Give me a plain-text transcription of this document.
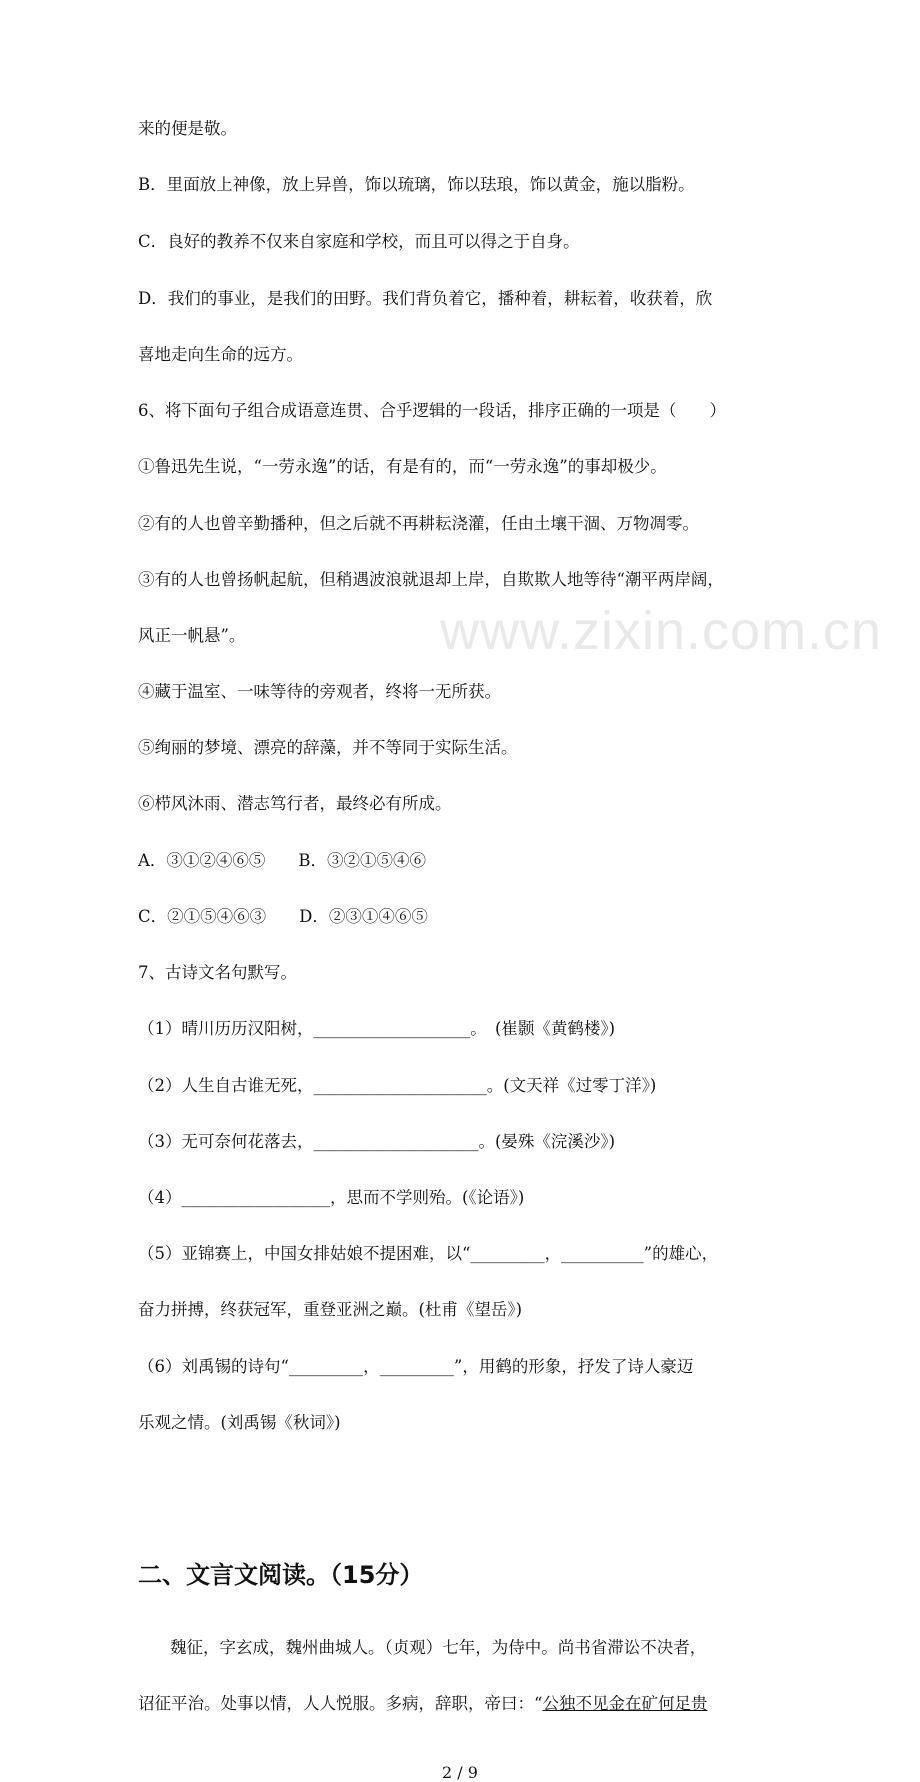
www.zixin.com.cn
来的便是敬。
B．里面放上神像，放上异兽，饰以琉璃，饰以珐琅，饰以黄金，施以脂粉。
C．良好的教养不仅来自家庭和学校，而且可以得之于自身。
D．我们的事业，是我们的田野。我们背负着它，播种着，耕耘着，收获着，欣
喜地走向生命的远方。
6、将下面句子组合成语意连贯、合乎逻辑的一段话，排序正确的一项是（　　）
①鲁迅先生说，“一劳永逸”的话，有是有的，而“一劳永逸”的事却极少。
②有的人也曾辛勤播种，但之后就不再耕耘浇灌，任由土壤干涸、万物凋零。
③有的人也曾扬帆起航，但稍遇波浪就退却上岸，自欺欺人地等待“潮平两岸阔，
风正一帆悬”。
④藏于温室、一味等待的旁观者，终将一无所获。
⑤绚丽的梦境、漂亮的辞藻，并不等同于实际生活。
⑥栉风沐雨、潜志笃行者，最终必有所成。
A．③①②④⑥⑤　　B．③②①⑤④⑥
C．②①⑤④⑥③　　D．②③①④⑥⑤
7、古诗文名句默写。
（1）晴川历历汉阳树，___________________。　(崔颢《黄鹤楼》)
（2）人生自古谁无死，_____________________。(文天祥《过零丁洋》)
（3）无可奈何花落去，____________________。(晏殊《浣溪沙》)
（4）__________________，思而不学则殆。(《论语》)
（5）亚锦赛上，中国女排姑娘不提困难，以“_________，__________”的雄心，
奋力拼搏，终获冠军，重登亚洲之巅。(杜甫《望岳》)
（6）刘禹锡的诗句“_________，_________”，用鹤的形象，抒发了诗人豪迈
乐观之情。(刘禹锡《秋词》)
二、文言文阅读。（15分）
魏征，字玄成，魏州曲城人。（贞观）七年，为侍中。尚书省滞讼不决者，
诏征平治。处事以情，人人悦服。多病，辞职，帝曰：“公独不见金在矿何足贵
2 / 9
